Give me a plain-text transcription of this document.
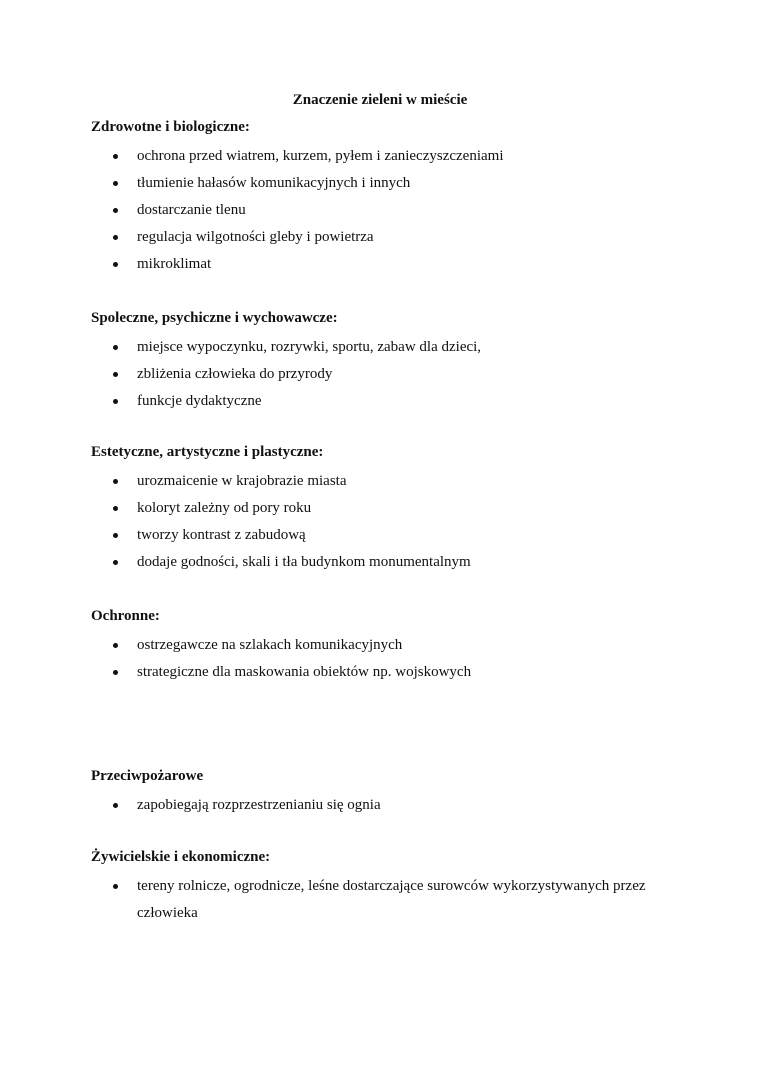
Znaczenie zieleni w mieście
Zdrowotne i biologiczne:
ochrona przed wiatrem, kurzem, pyłem i zanieczyszczeniami
tłumienie hałasów komunikacyjnych i innych
dostarczanie tlenu
regulacja wilgotności gleby i powietrza
mikroklimat
Spoleczne, psychiczne i wychowawcze:
miejsce wypoczynku, rozrywki, sportu, zabaw dla dzieci,
zbliżenia człowieka do przyrody
funkcje dydaktyczne
Estetyczne, artystyczne i plastyczne:
urozmaicenie w krajobrazie miasta
koloryt zależny od pory roku
tworzy kontrast z zabudową
dodaje godności, skali i tła budynkom monumentalnym
Ochronne:
ostrzegawcze na szlakach komunikacyjnych
strategiczne dla maskowania obiektów np. wojskowych
Przeciwpożarowe
zapobiegają rozprzestrzenianiu się ognia
Żywicielskie i ekonomiczne:
tereny rolnicze, ogrodnicze, leśne dostarczające surowców wykorzystywanych przez człowieka
